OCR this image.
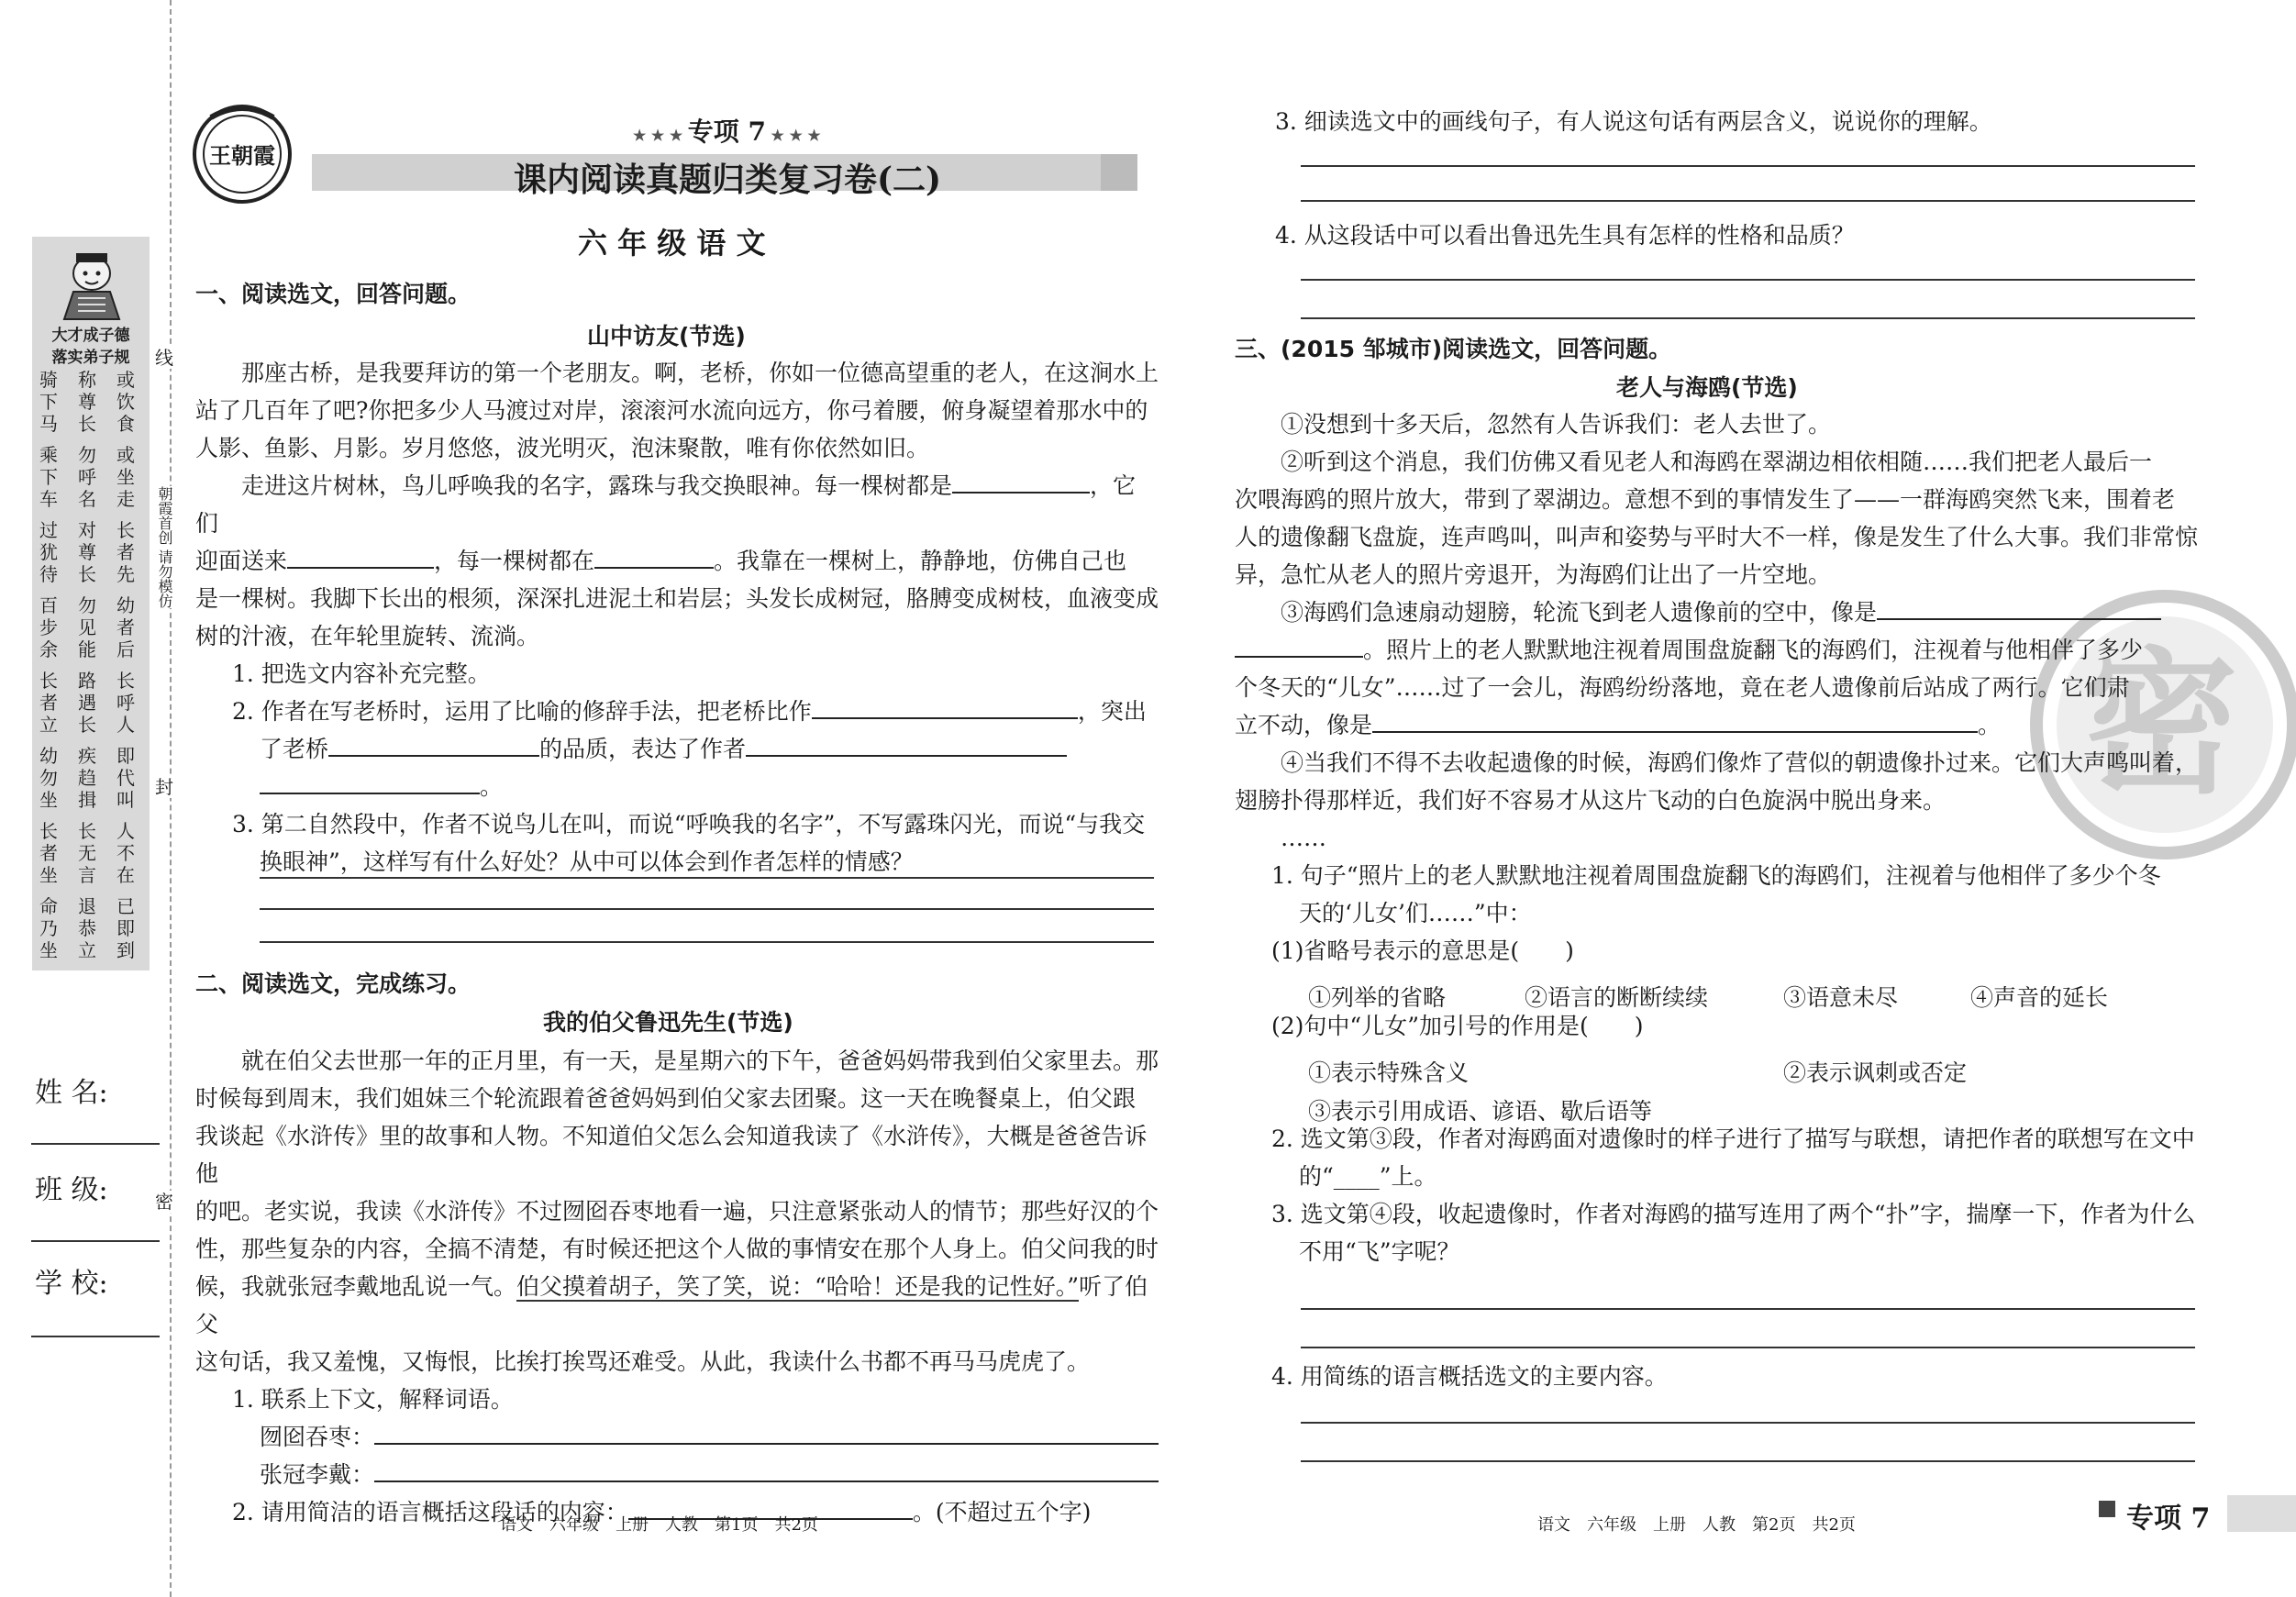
大才成子德
落实弟子规
骑
下
马
乘
下
车
过
犹
待
百
步
余
长
者
立
幼
勿
坐
长
者
坐
命
乃
坐
称
尊
长
勿
呼
名
对
尊
长
勿
见
能
路
遇
长
疾
趋
揖
长
无
言
退
恭
立
或
饮
食
或
坐
走
长
者
先
幼
者
后
长
呼
人
即
代
叫
人
不
在
已
即
到
线
封
密
朝霞首创 请勿模仿
姓 名:
班 级:
学 校:
王朝霞
★ ★ ★ 专项 7 ★ ★ ★
课内阅读真题归类复习卷(二)
六 年 级 语 文
一、阅读选文，回答问题。
山中访友(节选)
那座古桥，是我要拜访的第一个老朋友。啊，老桥，你如一位德高望重的老人，在这涧水上
站了几百年了吧?你把多少人马渡过对岸，滚滚河水流向远方，你弓着腰，俯身凝望着那水中的
人影、鱼影、月影。岁月悠悠，波光明灭，泡沫聚散，唯有你依然如旧。
走进这片树林，鸟儿呼唤我的名字，露珠与我交换眼神。每一棵树都是	，它们
迎面送来	，每一棵树都在	。我靠在一棵树上，静静地，仿佛自己也
是一棵树。我脚下长出的根须，深深扎进泥土和岩层；头发长成树冠，胳膊变成树枝，血液变成
树的汁液，在年轮里旋转、流淌。
1. 把选文内容补充完整。
2. 作者在写老桥时，运用了比喻的修辞手法，把老桥比作	，突出
了老桥	的品质，表达了作者
。
3. 第二自然段中，作者不说鸟儿在叫，而说“呼唤我的名字”，不写露珠闪光，而说“与我交
换眼神”，这样写有什么好处？从中可以体会到作者怎样的情感？
二、阅读选文，完成练习。
我的伯父鲁迅先生(节选)
就在伯父去世那一年的正月里，有一天，是星期六的下午，爸爸妈妈带我到伯父家里去。那
时候每到周末，我们姐妹三个轮流跟着爸爸妈妈到伯父家去团聚。这一天在晚餐桌上，伯父跟
我谈起《水浒传》里的故事和人物。不知道伯父怎么会知道我读了《水浒传》，大概是爸爸告诉他
的吧。老实说，我读《水浒传》不过囫囵吞枣地看一遍，只注意紧张动人的情节；那些好汉的个
性，那些复杂的内容，全搞不清楚，有时候还把这个人做的事情安在那个人身上。伯父问我的时
候，我就张冠李戴地乱说一气。伯父摸着胡子，笑了笑，说：“哈哈！还是我的记性好。”听了伯父
这句话，我又羞愧，又悔恨，比挨打挨骂还难受。从此，我读什么书都不再马马虎虎了。
1. 联系上下文，解释词语。
囫囵吞枣：
张冠李戴：
2. 请用简洁的语言概括这段话的内容：	。(不超过五个字)
3. 细读选文中的画线句子，有人说这句话有两层含义，说说你的理解。
4. 从这段话中可以看出鲁迅先生具有怎样的性格和品质？
密
三、(2015 邹城市)阅读选文，回答问题。
老人与海鸥(节选)
①没想到十多天后，忽然有人告诉我们：老人去世了。
②听到这个消息，我们仿佛又看见老人和海鸥在翠湖边相依相随……我们把老人最后一
次喂海鸥的照片放大，带到了翠湖边。意想不到的事情发生了——一群海鸥突然飞来，围着老
人的遗像翻飞盘旋，连声鸣叫，叫声和姿势与平时大不一样，像是发生了什么大事。我们非常惊
异，急忙从老人的照片旁退开，为海鸥们让出了一片空地。
③海鸥们急速扇动翅膀，轮流飞到老人遗像前的空中，像是
。照片上的老人默默地注视着周围盘旋翻飞的海鸥们，注视着与他相伴了多少
个冬天的“儿女”……过了一会儿，海鸥纷纷落地，竟在老人遗像前后站成了两行。它们肃
立不动，像是	。
④当我们不得不去收起遗像的时候，海鸥们像炸了营似的朝遗像扑过来。它们大声鸣叫着，
翅膀扑得那样近，我们好不容易才从这片飞动的白色旋涡中脱出身来。
……
1. 句子“照片上的老人默默地注视着周围盘旋翻飞的海鸥们，注视着与他相伴了多少个冬
天的‘儿女’们……”中：
(1)省略号表示的意思是(　　)
(2)句中“儿女”加引号的作用是(　　)
2. 选文第③段，作者对海鸥面对遗像时的样子进行了描写与联想，请把作者的联想写在文中
的“____”上。
3. 选文第④段，收起遗像时，作者对海鸥的描写连用了两个“扑”字，揣摩一下，作者为什么
不用“飞”字呢？
①列举的省略	②语言的断断续续	③语意未尽	④声音的延长
①表示特殊含义	②表示讽刺或否定
③表示引用成语、谚语、歇后语等
4. 用简练的语言概括选文的主要内容。
语文　六年级　上册　人教　第1页　共2页	语文　六年级　上册　人教　第2页　共2页	专项 7
